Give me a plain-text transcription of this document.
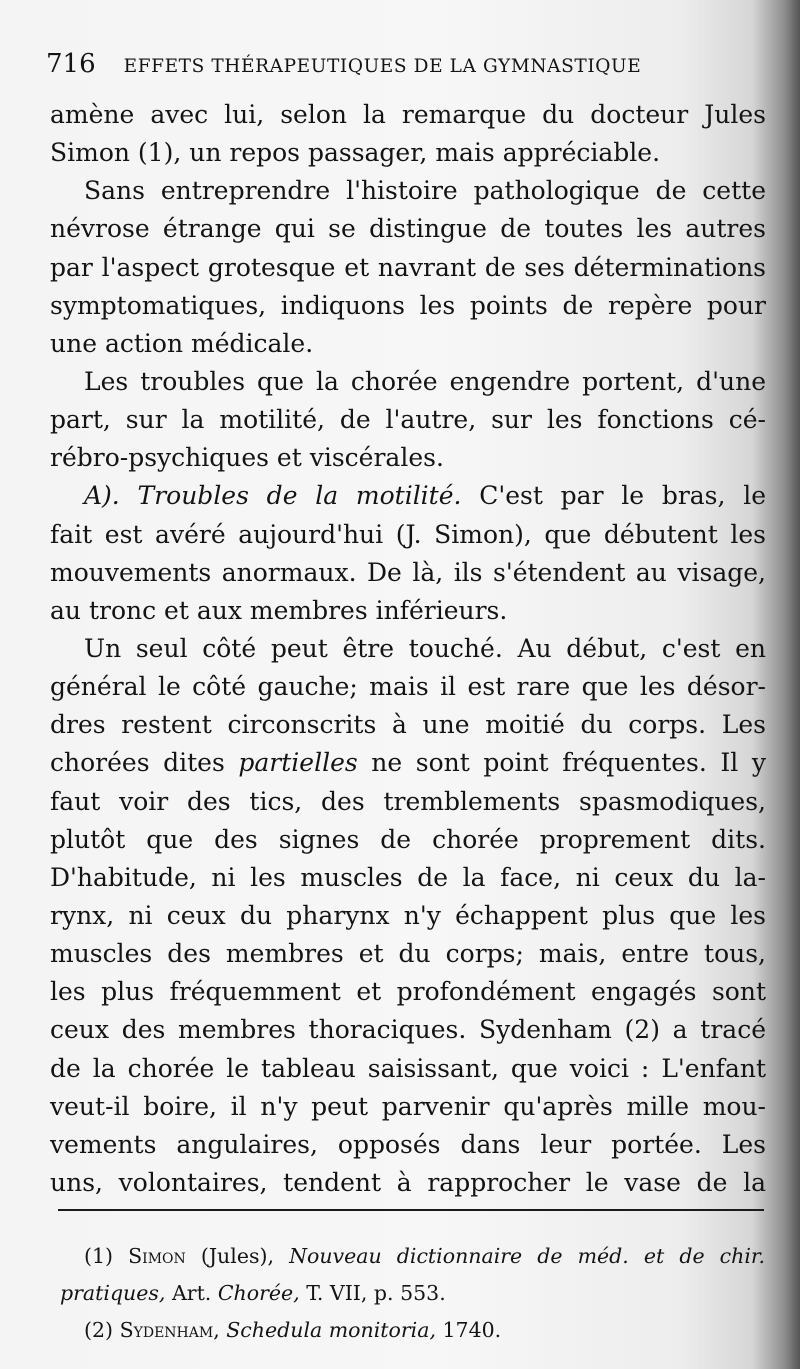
716 EFFETS THÉRAPEUTIQUES DE LA GYMNASTIQUE
amène avec lui, selon la remarque du docteur Jules
Simon (1), un repos passager, mais appréciable.
Sans entreprendre l'histoire pathologique de cette
névrose étrange qui se distingue de toutes les autres
par l'aspect grotesque et navrant de ses déterminations
symptomatiques, indiquons les points de repère pour
une action médicale.
Les troubles que la chorée engendre portent, d'une
part, sur la motilité, de l'autre, sur les fonctions cé-
rébro-psychiques et viscérales.
A). Troubles de la motilité. C'est par le bras, le
fait est avéré aujourd'hui (J. Simon), que débutent les
mouvements anormaux. De là, ils s'étendent au visage,
au tronc et aux membres inférieurs.
Un seul côté peut être touché. Au début, c'est en
général le côté gauche; mais il est rare que les désor-
dres restent circonscrits à une moitié du corps. Les
chorées dites partielles ne sont point fréquentes. Il y
faut voir des tics, des tremblements spasmodiques,
plutôt que des signes de chorée proprement dits.
D'habitude, ni les muscles de la face, ni ceux du la-
rynx, ni ceux du pharynx n'y échappent plus que les
muscles des membres et du corps; mais, entre tous,
les plus fréquemment et profondément engagés sont
ceux des membres thoraciques. Sydenham (2) a tracé
de la chorée le tableau saisissant, que voici : L'enfant
veut-il boire, il n'y peut parvenir qu'après mille mou-
vements angulaires, opposés dans leur portée. Les
uns, volontaires, tendent à rapprocher le vase de la
(1) Simon (Jules), Nouveau dictionnaire de méd. et de chir.
pratiques, Art. Chorée, T. VII, p. 553.
(2) Sydenham, Schedula monitoria, 1740.
